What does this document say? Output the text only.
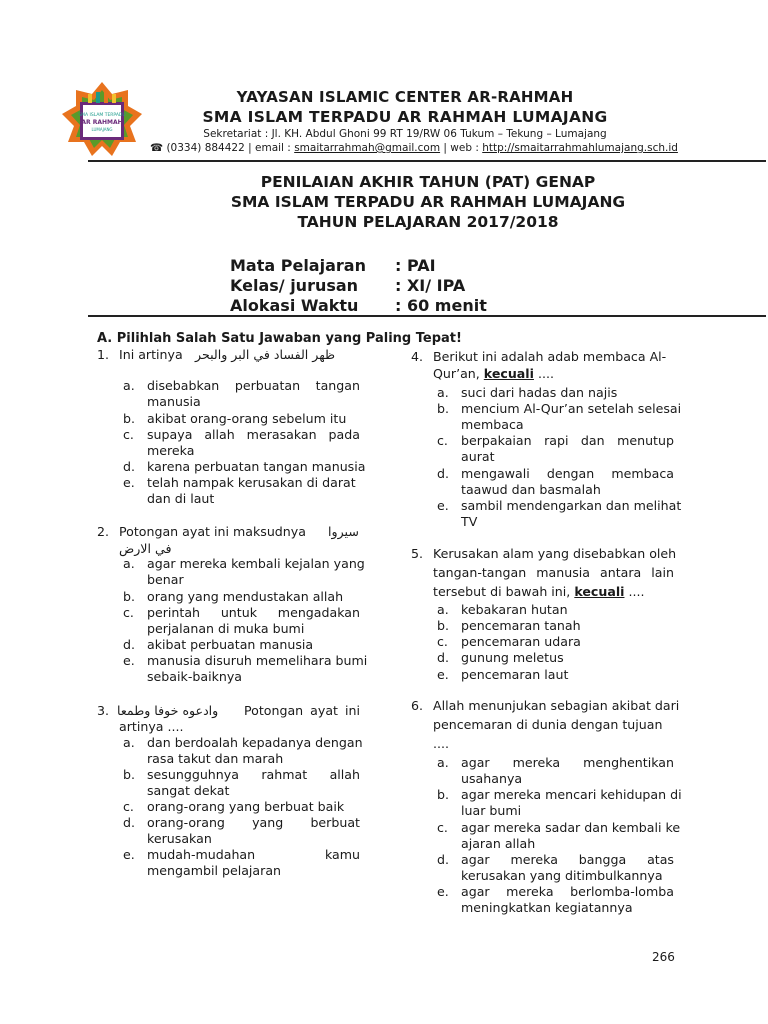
SMA ISLAM TERPADU
AR RAHMAH
LUMAJANG
YAYASAN ISLAMIC CENTER AR-RAHMAH
SMA ISLAM TERPADU AR RAHMAH LUMAJANG
Sekretariat : Jl. KH. Abdul Ghoni 99 RT 19/RW 06 Tukum – Tekung – Lumajang
☎ (0334) 884422 | email : smaitarrahmah@gmail.com | web : http://smaitarrahmahlumajang.sch.id
PENILAIAN AKHIR TAHUN (PAT) GENAP
SMA ISLAM TERPADU AR RAHMAH LUMAJANG
TAHUN PELAJARAN 2017/2018
Mata Pelajaran : PAI
Kelas/ jurusan : XI/ IPA
Alokasi Waktu : 60 menit
A. Pilihlah Salah Satu Jawaban yang Paling Tepat!
1. Ini artinya ظهر الفساد في البر والبحر
a. disebabkan perbuatan tangan
manusia
b. akibat orang-orang sebelum itu
c. supaya allah merasakan pada
mereka
d. karena perbuatan tangan manusia
e. telah nampak kerusakan di darat
dan di laut
2. Potongan ayat ini maksudnya سيروا
في الارض
a. agar mereka kembali kejalan yang
benar
b. orang yang mendustakan allah
c. perintah untuk mengadakan
perjalanan di muka bumi
d. akibat perbuatan manusia
e. manusia disuruh memelihara bumi
sebaik-baiknya
3. وادعوه خوفا وطمعا Potongan ayat ini
artinya ....
a. dan berdoalah kepadanya dengan
rasa takut dan marah
b. sesungguhnya rahmat allah
sangat dekat
c. orang-orang yang berbuat baik
d. orang-orang yang berbuat
kerusakan
e. mudah-mudahan	kamu
mengambil pelajaran
4. Berikut ini adalah adab membaca Al-
Qur’an, kecuali ....
a. suci dari hadas dan najis
b. mencium Al-Qur’an setelah selesai
membaca
c. berpakaian rapi dan menutup
aurat
d. mengawali dengan membaca
taawud dan basmalah
e. sambil mendengarkan dan melihat
TV
5. Kerusakan alam yang disebabkan oleh
tangan-tangan manusia antara lain
tersebut di bawah ini, kecuali ....
a. kebakaran hutan
b. pencemaran tanah
c. pencemaran udara
d. gunung meletus
e. pencemaran laut
6. Allah menunjukan sebagian akibat dari
pencemaran di dunia dengan tujuan
....
a. agar mereka menghentikan
usahanya
b. agar mereka mencari kehidupan di
luar bumi
c. agar mereka sadar dan kembali ke
ajaran allah
d. agar mereka bangga atas
kerusakan yang ditimbulkannya
e. agar mereka berlomba-lomba
meningkatkan kegiatannya
266
